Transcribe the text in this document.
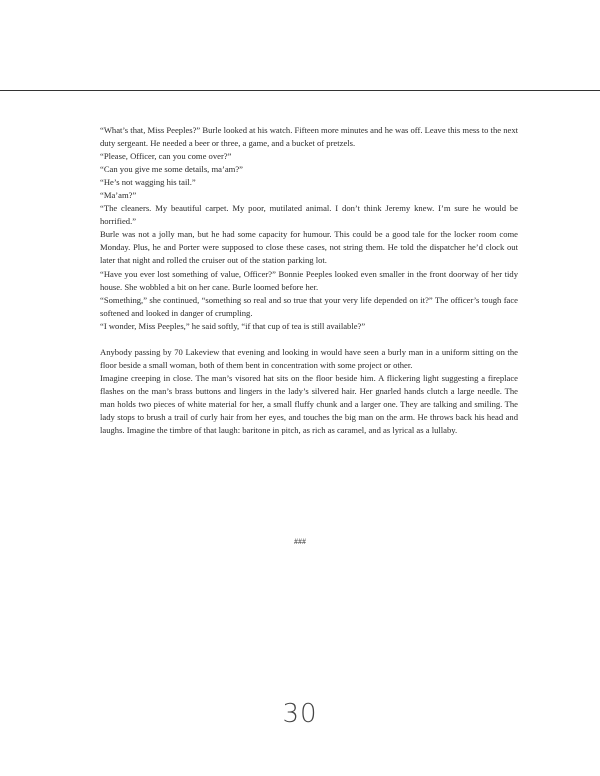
“What’s that, Miss Peeples?” Burle looked at his watch. Fifteen more minutes and he was off. Leave this mess to the next duty sergeant. He needed a beer or three, a game, and a bucket of pretzels.

“Please, Officer, can you come over?”

“Can you give me some details, ma’am?”

“He’s not wagging his tail.”

“Ma’am?”

“The cleaners. My beautiful carpet. My poor, mutilated animal. I don’t think Jeremy knew. I’m sure he would be horrified.”

Burle was not a jolly man, but he had some capacity for humour. This could be a good tale for the locker room come Monday. Plus, he and Porter were supposed to close these cases, not string them. He told the dispatcher he’d clock out later that night and rolled the cruiser out of the station parking lot.

“Have you ever lost something of value, Officer?” Bonnie Peeples looked even smaller in the front doorway of her tidy house. She wobbled a bit on her cane. Burle loomed before her.

“Something,” she continued, “something so real and so true that your very life depended on it?” The officer’s tough face softened and looked in danger of crumpling.

“I wonder, Miss Peeples,” he said softly, “if that cup of tea is still available?”

Anybody passing by 70 Lakeview that evening and looking in would have seen a burly man in a uniform sitting on the floor beside a small woman, both of them bent in concentration with some project or other.

Imagine creeping in close. The man’s visored hat sits on the floor beside him. A flickering light suggesting a fireplace flashes on the man’s brass buttons and lingers in the lady’s silvered hair. Her gnarled hands clutch a large needle. The man holds two pieces of white material for her, a small fluffy chunk and a larger one. They are talking and smiling. The lady stops to brush a trail of curly hair from her eyes, and touches the big man on the arm. He throws back his head and laughs. Imagine the timbre of that laugh: baritone in pitch, as rich as caramel, and as lyrical as a lullaby.

###
30
